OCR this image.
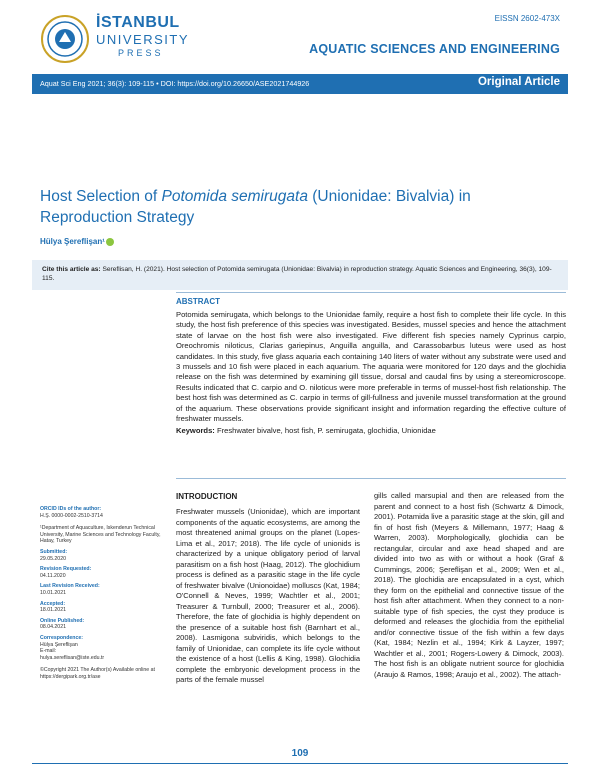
İSTANBUL
UNIVERSITY
PRESS
EISSN 2602-473X
AQUATIC SCIENCES AND ENGINEERING
Aquat Sci Eng 2021; 36(3): 109-115 • DOI: https://doi.org/10.26650/ASE2021744926	Original Article
Host Selection of Potomida semirugata (Unionidae: Bivalvia) in Reproduction Strategy
Hülya Şereflişan¹
Cite this article as: Sereflisan, H. (2021). Host selection of Potomida semirugata (Unionidae: Bivalvia) in reproduction strategy. Aquatic Sciences and Engineering, 36(3), 109-115.
ABSTRACT

Potomida semirugata, which belongs to the Unionidae family, require a host fish to complete their life cycle. In this study, the host fish preference of this species was investigated. Besides, mussel species and hence the attachment state of larvae on the host fish were also investigated. Five different fish species namely Cyprinus carpio, Oreochromis niloticus, Clarias gariepinus, Anguilla anguilla, and Carassobarbus luteus were used as host candidates. In this study, five glass aquaria each containing 140 liters of water without any substrate were used and 3 mussels and 10 fish were placed in each aquarium. The aquaria were monitored for 120 days and the glochidia release on the fish was determined by examining gill tissue, dorsal and caudal fins by using a stereomicroscope. Results indicated that C. carpio and O. niloticus were more preferable in terms of mussel-host fish relationship. The best host fish was determined as C. carpio in terms of gill-fullness and juvenile mussel transformation at the ground of the aquarium. These observations provide significant insight and information regarding the effective culture of freshwater mussels.

Keywords: Freshwater bivalve, host fish, P. semirugata, glochidia, Unionidae

ORCID IDs of the author:
H.Ş. 0000-0002-2510-3714
¹Department of Aquaculture, Iskenderun Technical University, Marine Sciences and Technology Faculty, Hatay, Turkey
Submitted:
29.05.2020
Revision Requested:
04.11.2020
Last Revision Received:
10.01.2021
Accepted:
18.01.2021
Online Published:
08.04.2021
Correspondence:
Hülya Şereflişan
E-mail:
hulya.sereflisan@iste.edu.tr
©Copyright 2021 The Author(s) Available online at https://dergipark.org.tr/ase
INTRODUCTION
Freshwater mussels (Unionidae), which are important components of the aquatic ecosystems, are among the most threatened animal groups on the planet (Lopes-Lima et al., 2017; 2018). The life cycle of unionids is characterized by a unique obligatory period of larval parasitism on a fish host (Haag, 2012). The glochidium process is defined as a parasitic stage in the life cycle of freshwater bivalve (Unionoidae) molluscs (Kat, 1984; O'Connell & Neves, 1999; Wachtler et al., 2001; Treasurer & Turnbull, 2000; Treasurer et al., 2006). Therefore, the fate of glochidia is highly dependent on the presence of a suitable host fish (Barnhart et al., 2008). Lasmigona subviridis, which belongs to the family of Unionidae, can complete its life cycle without the existence of a host (Lellis & King, 1998). Glochidia complete the embryonic development process in the parts of the female mussel
gills called marsupial and then are released from the parent and connect to a host fish (Schwartz & Dimock, 2001). Potamida live a parasitic stage at the skin, gill and fin of host fish (Meyers & Millemann, 1977; Haag & Warren, 2003). Morphologically, glochidia can be rectangular, circular and axe head shaped and are divided into two as with or without a hook (Graf & Cummings, 2006; Şereflişan et al., 2009; Wen et al., 2018). The glochidia are encapsulated in a cyst, which they form on the epithelial and connective tissue of the host fish after attachment. When they connect to a non-suitable type of fish species, the cyst they produce is deformed and releases the glochidia from the epithelial and/or connective tissue of the fish within a few days (Kat, 1984; Nezlin et al., 1994; Kirk & Layzer, 1997; Wachtler et al., 2001; Rogers-Lowery & Dimock, 2003). The host fish is an obligate nutrient source for glochidia (Araujo & Ramos, 1998; Araujo et al., 2002). The attach-
109
